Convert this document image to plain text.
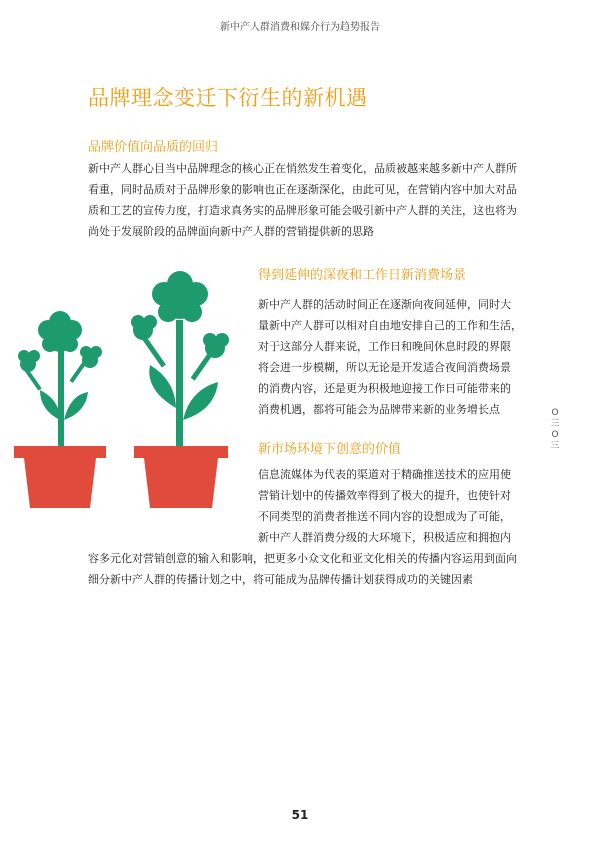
新中产人群消费和媒介行为趋势报告
品牌理念变迁下衍生的新机遇
品牌价值向品质的回归

新中产人群心目当中品牌理念的核心正在悄然发生着变化，品质被越来越多新中产人群所
看重，同时品质对于品牌形象的影响也正在逐渐深化，由此可见，在营销内容中加大对品
质和工艺的宣传力度，打造求真务实的品牌形象可能会吸引新中产人群的关注，这也将为
尚处于发展阶段的品牌面向新中产人群的营销提供新的思路

得到延伸的深夜和工作日新消费场景

新中产人群的活动时间正在逐渐向夜间延伸，同时大
量新中产人群可以相对自由地安排自己的工作和生活，
对于这部分人群来说，工作日和晚间休息时段的界限
将会进一步模糊，所以无论是开发适合夜间消费场景
的消费内容，还是更为积极地迎接工作日可能带来的
消费机遇，都将可能会为品牌带来新的业务增长点

新市场环境下创意的价值

信息流媒体为代表的渠道对于精确推送技术的应用使
营销计划中的传播效率得到了极大的提升，也使针对
不同类型的消费者推送不同内容的设想成为了可能，
新中产人群消费分级的大环境下，积极适应和拥抱内

容多元化对营销创意的输入和影响，把更多小众文化和亚文化相关的传播内容运用到面向
细分新中产人群的传播计划之中，将可能成为品牌传播计划获得成功的关键因素

O
三
O
三
51
